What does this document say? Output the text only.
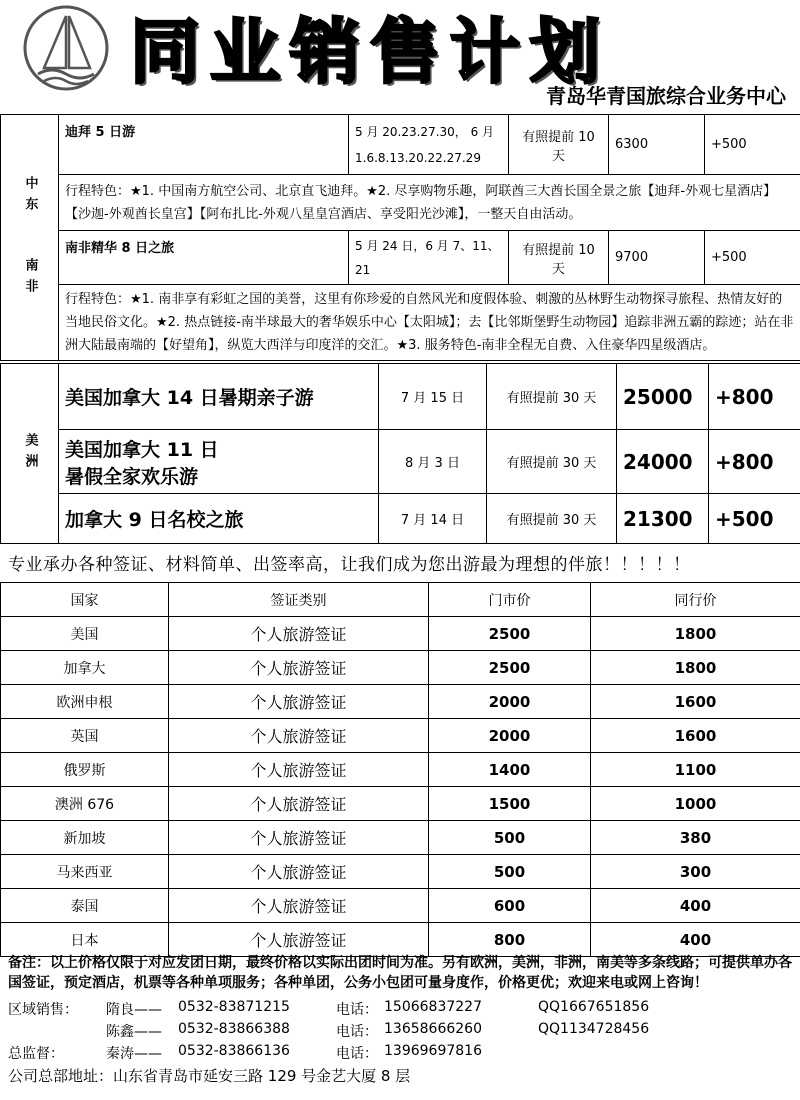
同业销售计划
青岛华青国旅综合业务中心
中东
南非	迪拜 5 日游	5 月 20.23.27.30， 6 月 1.6.8.13.20.22.27.29	有照提前 10 天	6300	+500
	行程特色：★1. 中国南方航空公司、北京直飞迪拜。★2. 尽享购物乐趣，阿联酋三大酋长国全景之旅【迪拜-外观七星酒店】【沙迦-外观酋长皇宫】【阿布扎比-外观八星皇宫酒店、享受阳光沙滩】，一整天自由活动。				
	南非精华 8 日之旅	5 月 24 日，6 月 7、11、21	有照提前 10 天	9700	+500
	行程特色：★1. 南非享有彩虹之国的美誉，这里有你珍爱的自然风光和度假体验、刺激的丛林野生动物探寻旅程、热情友好的当地民俗文化。★2. 热点链接-南半球最大的奢华娱乐中心【太阳城】；去【比邻斯堡野生动物园】追踪非洲五霸的踪迹；站在非洲大陆最南端的【好望角】，纵览大西洋与印度洋的交汇。★3. 服务特色-南非全程无自费、入住豪华四星级酒店。				
美洲	美国加拿大 14 日暑期亲子游	7 月 15 日	有照提前 30 天	25000	+800

	美国加拿大 11 日
暑假全家欢乐游	8 月 3 日	有照提前 30 天	24000	+800
	加拿大 9 日名校之旅	7 月 14 日	有照提前 30 天	21300	+500
专业承办各种签证、材料简单、出签率高，让我们成为您出游最为理想的伴旅！！！！！
国家	签证类别	门市价	同行价
美国	个人旅游签证	2500	1800
加拿大	个人旅游签证	2500	1800
欧洲申根	个人旅游签证	2000	1600
英国	个人旅游签证	2000	1600
俄罗斯	个人旅游签证	1400	1100
澳洲 676	个人旅游签证	1500	1000
新加坡	个人旅游签证	500	380
马来西亚	个人旅游签证	500	300
泰国	个人旅游签证	600	400
日本	个人旅游签证	800	400
备注：以上价格仅限于对应发团日期，最终价格以实际出团时间为准。另有欧洲，美洲，非洲，南美等多条线路；可提供单办各国签证，预定酒店，机票等各种单项服务；各种单团，公务小包团可量身度作，价格更优；欢迎来电或网上咨询！
区域销售： 隋良—— 0532-83871215	电话： 15066837227	QQ1667651856
陈鑫—— 0532-83866388	电话： 13658666260	QQ1134728456
总监督：	秦涛—— 0532-83866136	电话： 13969697816
公司总部地址：山东省青岛市延安三路 129 号金艺大厦 8 层
